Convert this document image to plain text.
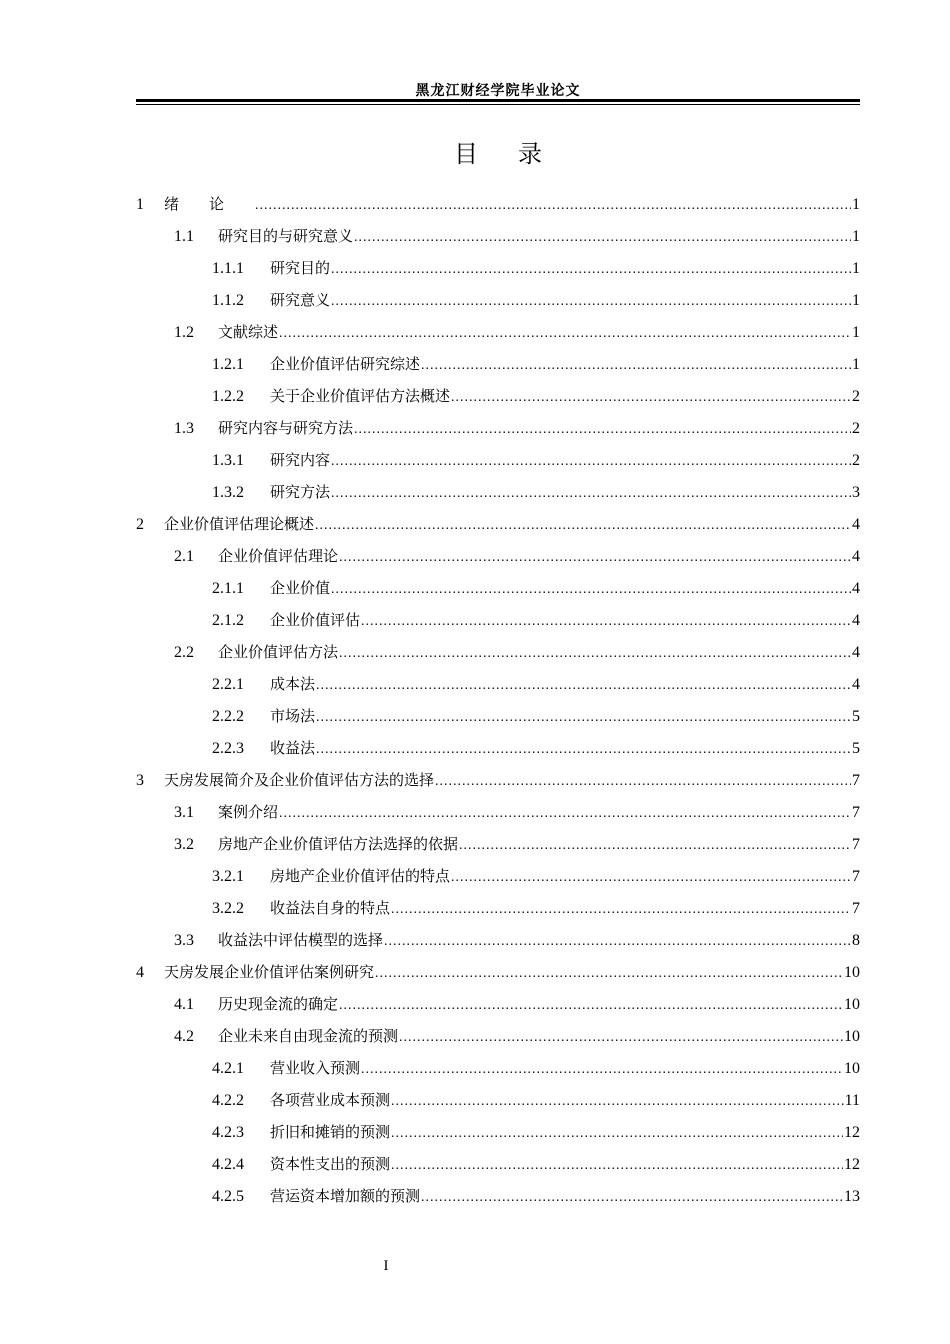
黑龙江财经学院毕业论文
目录
1	绪论 .....	1
1.1	研究目的与研究意义 .....	1
1.1.1	研究目的 .....	1
1.1.2	研究意义 .....	1
1.2	文献综述 .....	1
1.2.1	企业价值评估研究综述 .....	1
1.2.2	关于企业价值评估方法概述 .....	2
1.3	研究内容与研究方法 .....	2
1.3.1	研究内容 .....	2
1.3.2	研究方法 .....	3
2	企业价值评估理论概述 .....	4
2.1	企业价值评估理论 .....	4
2.1.1	企业价值 .....	4
2.1.2	企业价值评估 .....	4
2.2	企业价值评估方法 .....	4
2.2.1	成本法 .....	4
2.2.2	市场法 .....	5
2.2.3	收益法 .....	5
3	天房发展简介及企业价值评估方法的选择 .....	7
3.1	案例介绍 .....	7
3.2	房地产企业价值评估方法选择的依据 .....	7
3.2.1	房地产企业价值评估的特点 .....	7
3.2.2	收益法自身的特点 .....	7
3.3	收益法中评估模型的选择 .....	8
4	天房发展企业价值评估案例研究 .....	10
4.1	历史现金流的确定 .....	10
4.2	企业未来自由现金流的预测 .....	10
4.2.1	营业收入预测 .....	10
4.2.2	各项营业成本预测 .....	11
4.2.3	折旧和摊销的预测 .....	12
4.2.4	资本性支出的预测 .....	12
4.2.5	营运资本增加额的预测 .....	13
I
